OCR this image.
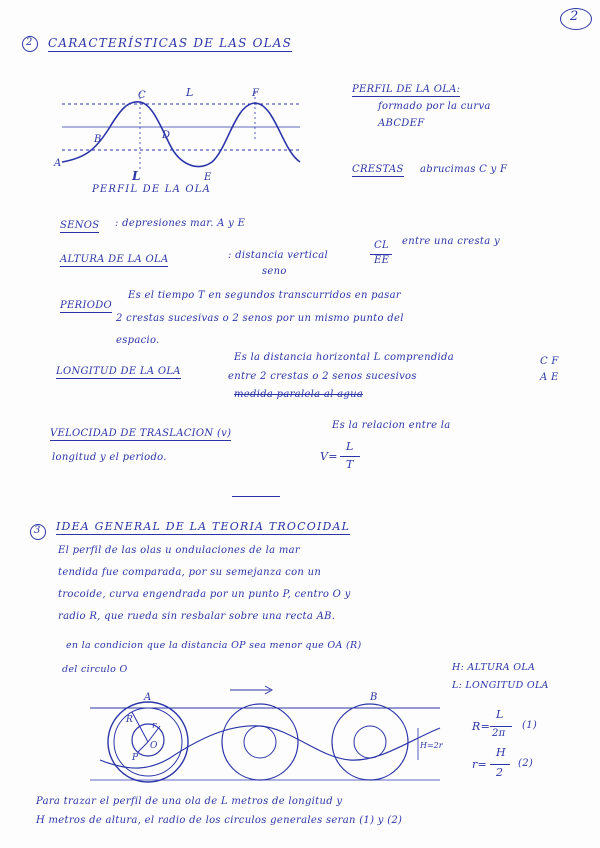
2
2 CARACTERÍSTICAS DE LAS OLAS
A
B
C
D
E
F
L
L
PERFIL DE LA OLA
PERFIL DE LA OLA:
formado por la curva
ABCDEF
CRESTAS abrucimas C y F
SENOS : depresiones mar. A y E
ALTURA DE LA OLA	: distancia vertical
CL
EE
entre una cresta y
seno
PERIODO
Es el tiempo T en segundos transcurridos en pasar
2 crestas sucesivas o 2 senos por un mismo punto del
espacio.
LONGITUD DE LA OLA
Es la distancia horizontal L comprendida
entre 2 crestas o 2 senos sucesivos
C F
A E
medida paralela al agua
VELOCIDAD DE TRASLACION (v)
Es la relacion entre la
longitud y el periodo.	V=
L
T
3 IDEA GENERAL DE LA TEORIA TROCOIDAL
El perfil de las olas u ondulaciones de la mar
tendida fue comparada, por su semejanza con un
trocoide, curva engendrada por un punto P, centro O y
radio R, que rueda sin resbalar sobre una recta AB.
en la condicion que la distancia OP sea menor que OA (R)
del circulo O	H: ALTURA OLA
L: LONGITUD OLA
A	B
R
r
O
P
H=2r
R=
L
2π
(1)
r=
H
2
(2)
Para trazar el perfil de una ola de L metros de longitud y
H metros de altura, el radio de los circulos generales seran (1) y (2)
